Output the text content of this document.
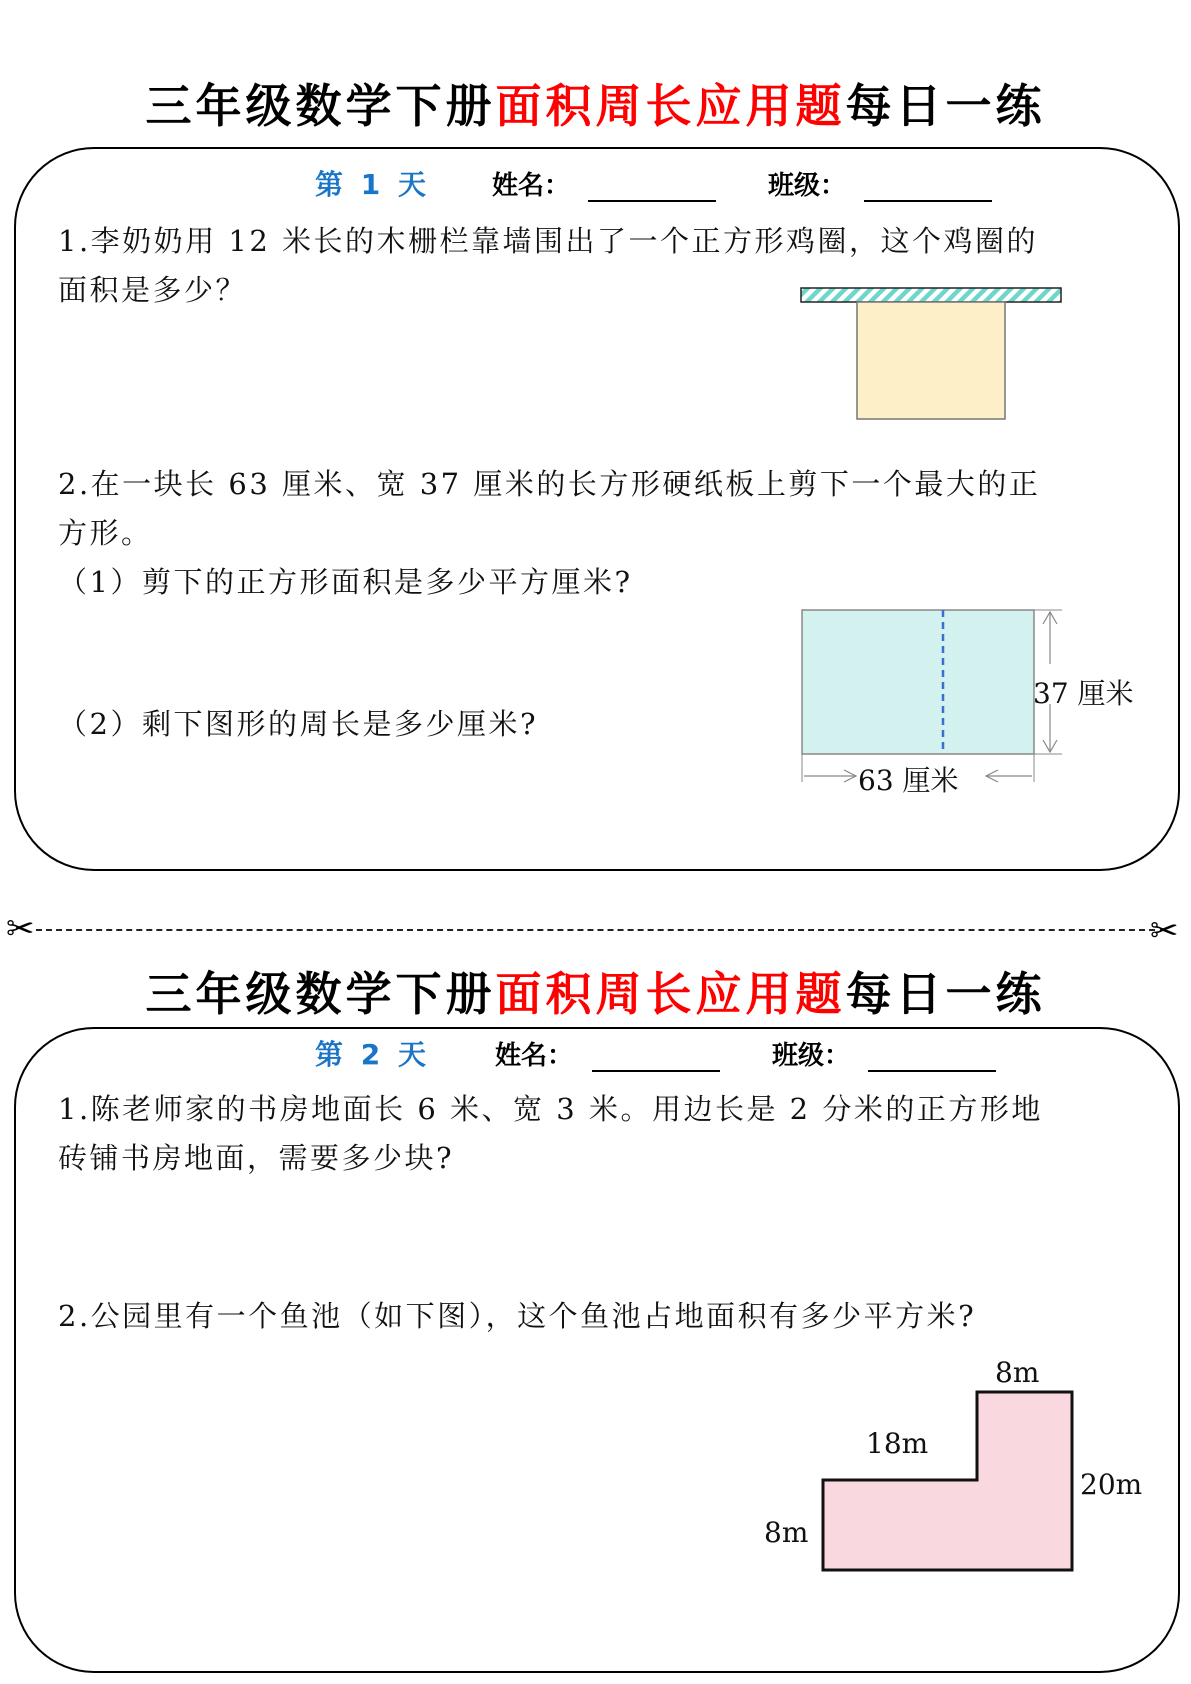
三年级数学下册面积周长应用题每日一练
第 1 天 姓名：	班级：
1.李奶奶用 12 米长的木栅栏靠墙围出了一个正方形鸡圈，这个鸡圈的
面积是多少？
2.在一块长 63 厘米、宽 37 厘米的长方形硬纸板上剪下一个最大的正
方形。
（1）剪下的正方形面积是多少平方厘米?
（2）剩下图形的周长是多少厘米?
37 厘米
63 厘米
✂	✂
三年级数学下册面积周长应用题每日一练
第 2 天	姓名：	班级：
1.陈老师家的书房地面长 6 米、宽 3 米。用边长是 2 分米的正方形地
砖铺书房地面，需要多少块?
2.公园里有一个鱼池（如下图），这个鱼池占地面积有多少平方米?
8m
18m
20m
8m
